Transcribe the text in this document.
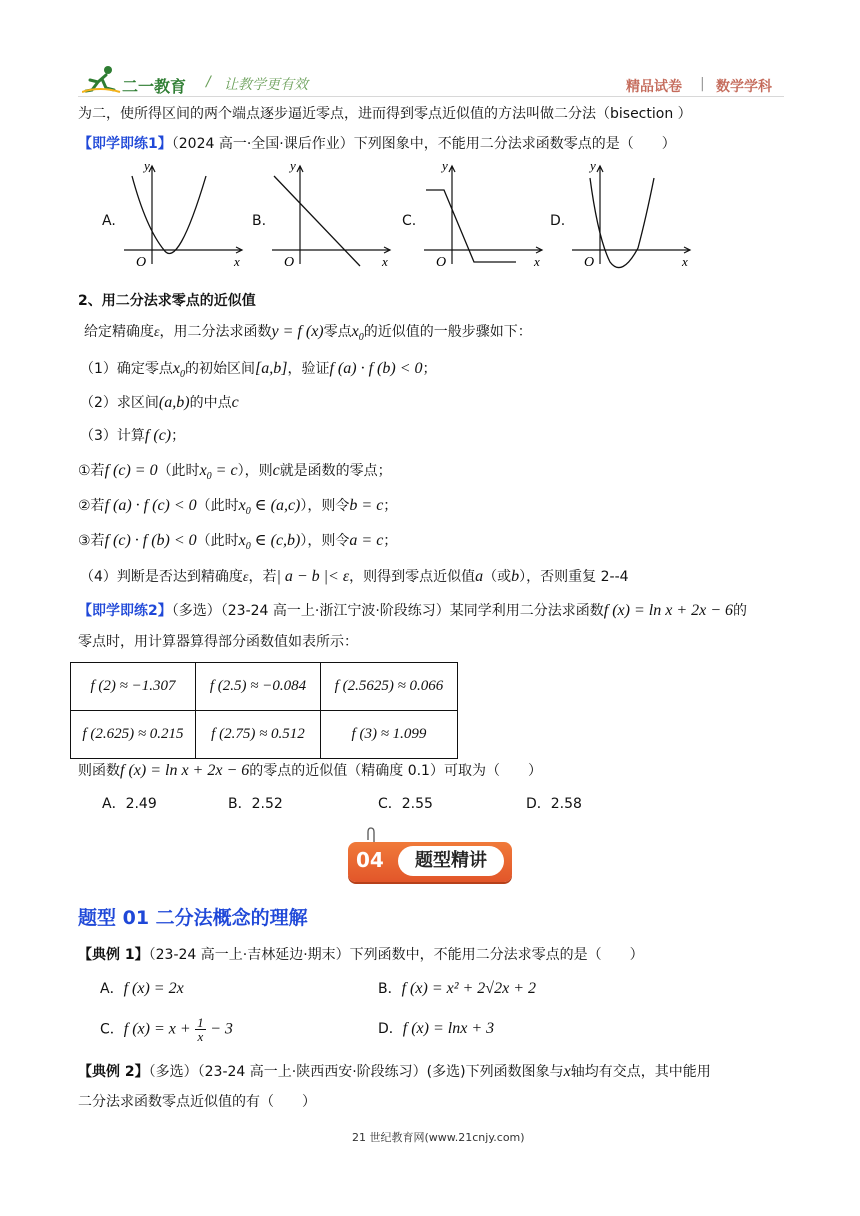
二一教育 / 让教学更有效	精品试卷 | 数学学科
为二，使所得区间的两个端点逐步逼近零点，进而得到零点近似值的方法叫做二分法（bisection ）
【即学即练1】（2024 高一·全国·课后作业）下列图象中，不能用二分法求函数零点的是（　　）
A.	B.	C.	D.
y
x
O
y
x
O
y
x
O
y
x
O
2、用二分法求零点的近似值
给定精确度ε，用二分法求函数y = f (x)零点$x_0$的近似值的一般步骤如下：
（1）确定零点$x_0$的初始区间[a,b]，验证f (a) · f (b) < 0；
（2）求区间(a,b)的中点c
（3）计算f (c)；
①若f (c) = 0（此时$x_0 = c$），则c就是函数的零点；
②若f (a) · f (c) < 0（此时$x_0$ ∈ (a,c)），则令b = c；
③若f (c) · f (b) < 0（此时$x_0$ ∈ (c,b)），则令a = c；
（4）判断是否达到精确度ε，若| a − b |< ε，则得到零点近似值a（或b），否则重复 2--4
【即学即练2】（多选）（23-24 高一上·浙江宁波·阶段练习）某同学利用二分法求函数f (x) = ln x + 2x − 6的
零点时，用计算器算得部分函数值如表所示：
f (2) ≈ −1.307	f (2.5) ≈ −0.084	f (2.5625) ≈ 0.066
f (2.625) ≈ 0.215	f (2.75) ≈ 0.512	f (3) ≈ 1.099
则函数f (x) = ln x + 2x − 6的零点的近似值（精确度 0.1）可取为（　　）
A．2.49	B．2.52	C．2.55	D．2.58
04	题型精讲
题型 01 二分法概念的理解
【典例 1】（23-24 高一上·吉林延边·期末）下列函数中，不能用二分法求零点的是（　　）
A．f (x) = 2x	B．f (x) = x² + 2√2x + 2
C．f $(x) = x + \frac{1}{x} - 3$	D．f (x) = lnx + 3
【典例 2】（多选）（23-24 高一上·陕西西安·阶段练习）(多选)下列函数图象与x轴均有交点，其中能用
二分法求函数零点近似值的有（　　）
21 世纪教育网(www.21cnjy.com)
